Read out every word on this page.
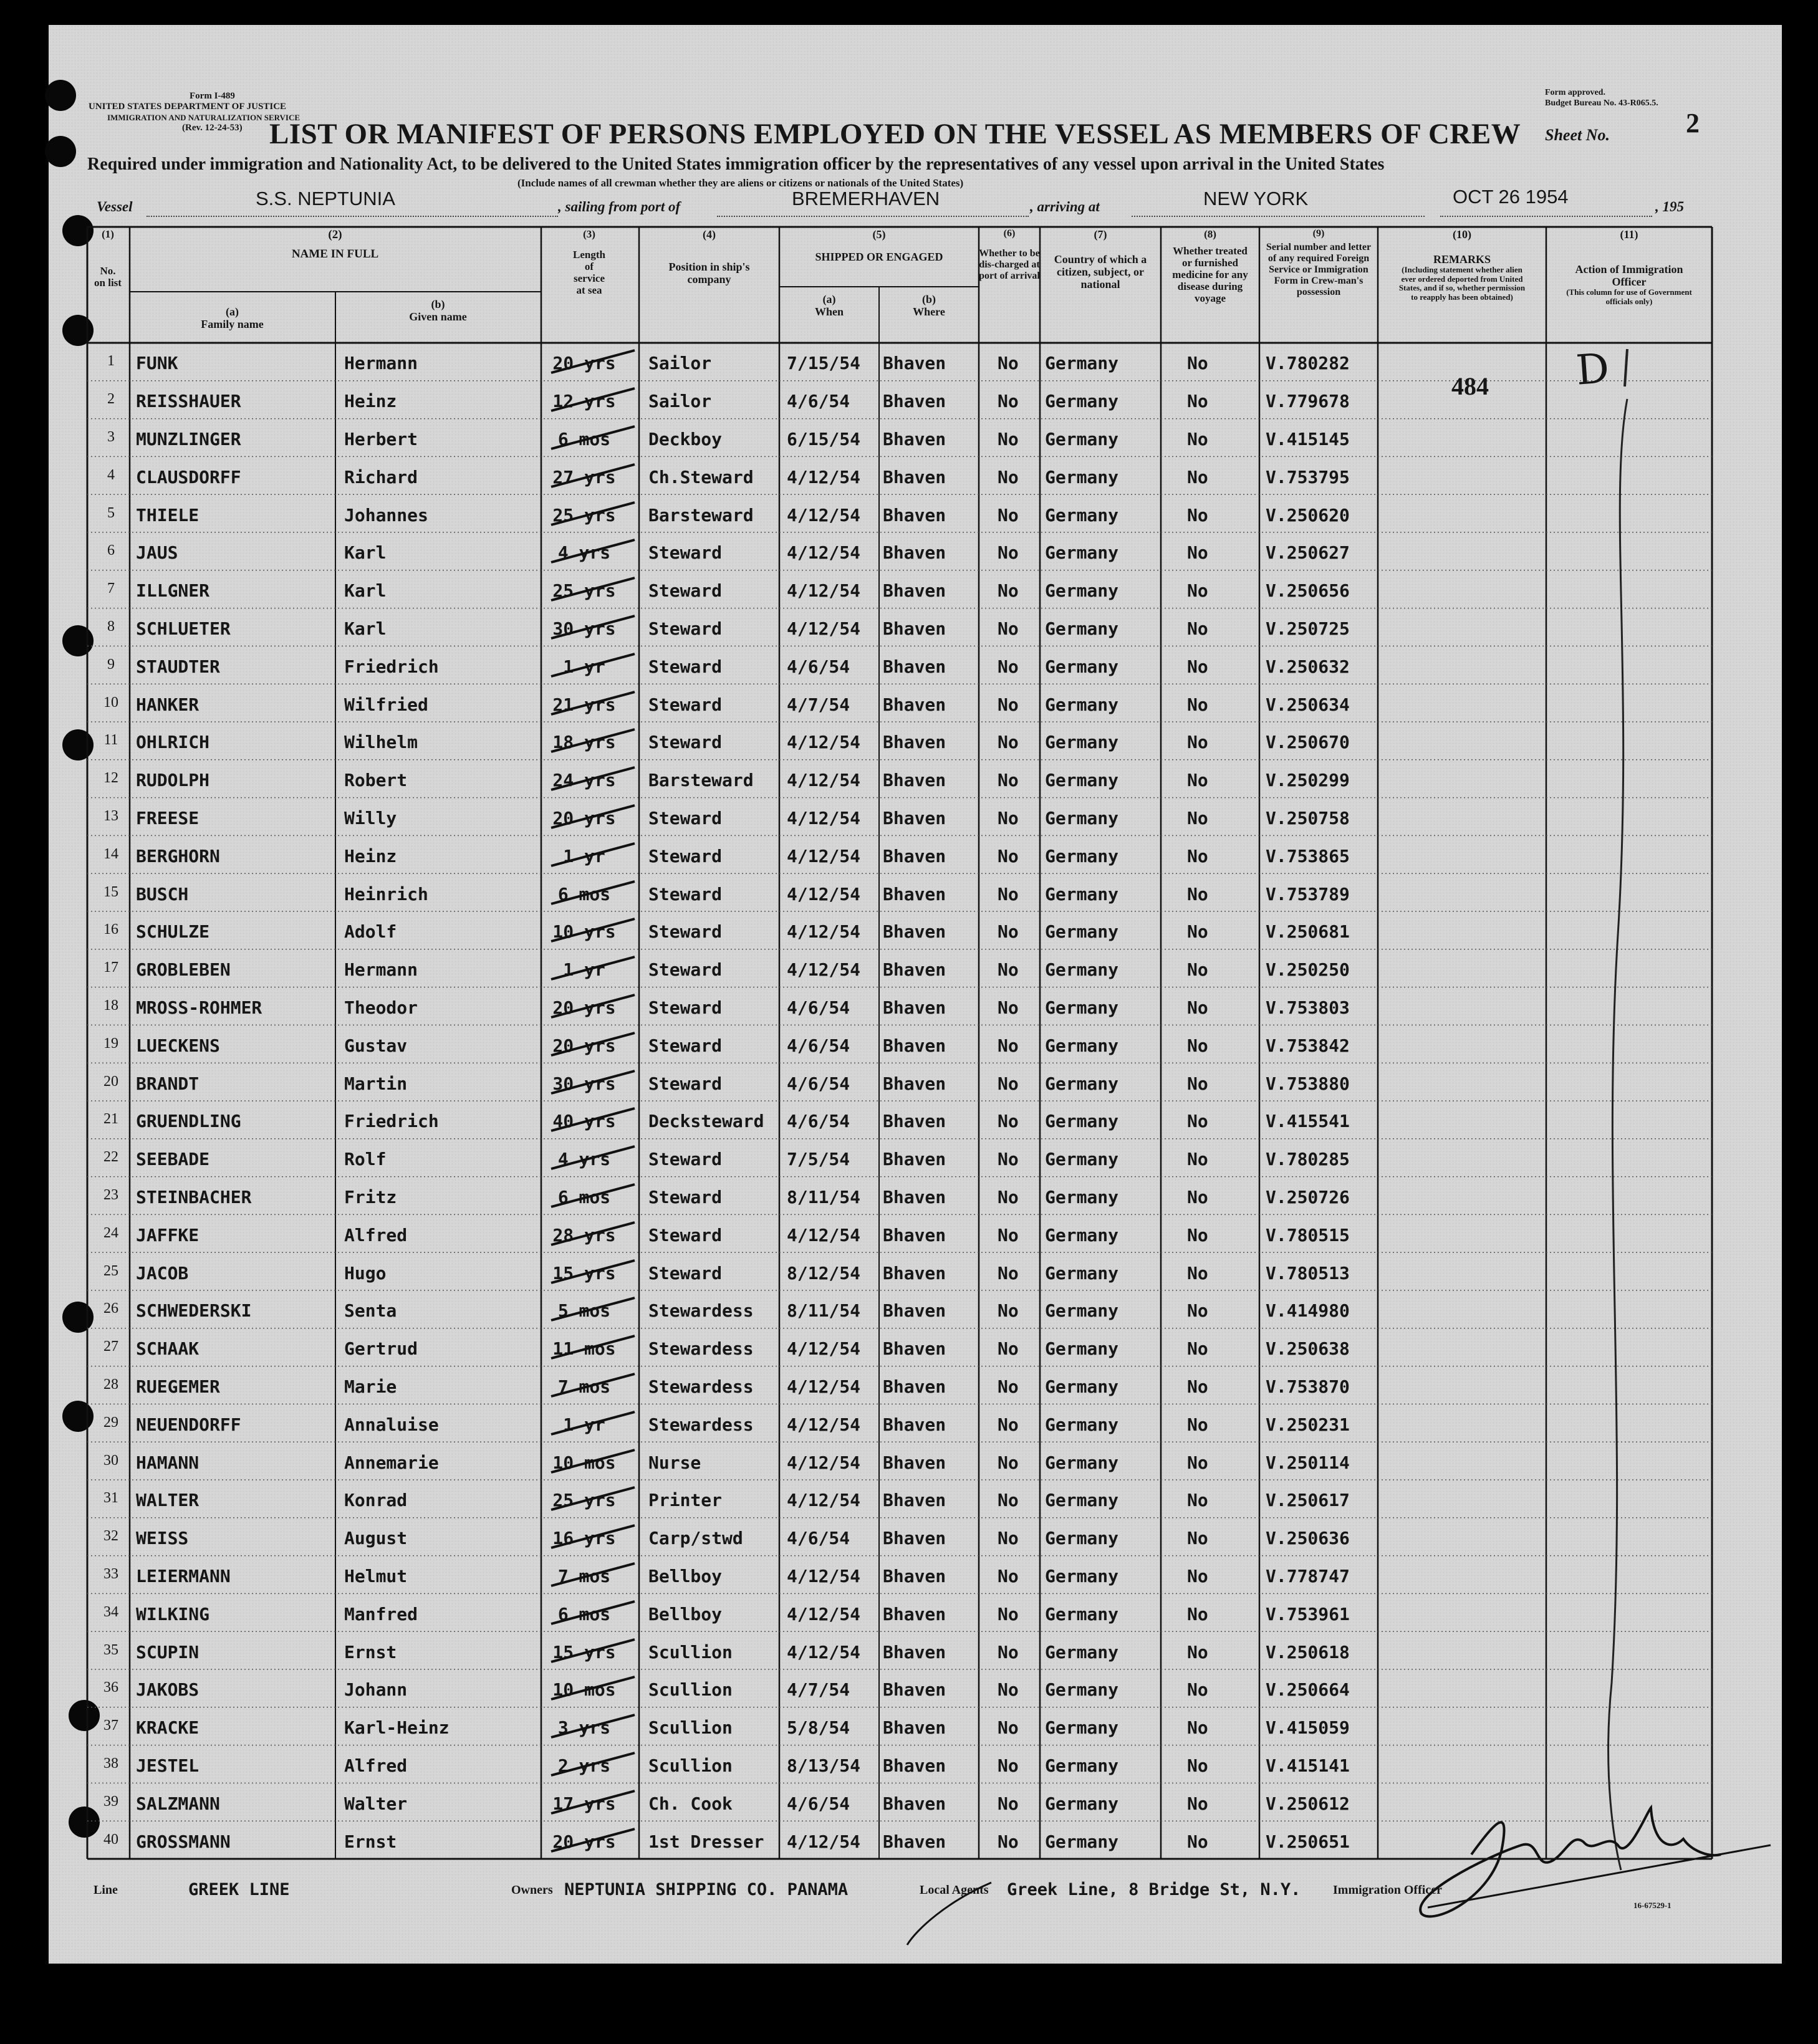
Form I-489
UNITED STATES DEPARTMENT OF JUSTICE
IMMIGRATION AND NATURALIZATION SERVICE
(Rev. 12-24-53)
Form approved.
Budget Bureau No. 43-R065.5.
Sheet No.	2
LIST OR MANIFEST OF PERSONS EMPLOYED ON THE VESSEL AS MEMBERS OF CREW
Required under immigration and Nationality Act, to be delivered to the United States immigration officer by the representatives of any vessel upon arrival in the United States
(Include names of all crewman whether they are aliens or citizens or nationals of the United States)
Vessel	S.S. NEPTUNIA	, sailing from port of	BREMERHAVEN	, arriving at	NEW YORK	OCT 26 1954	, 195
(1)
No. on list
(2)
NAME IN FULL
(a)
Family name
(b)
Given name
(3)
Length of service at sea
(4)
Position in ship's company
(5)
SHIPPED OR ENGAGED
(a)
When
(b)
Where
(6)
Whether to be dis-charged at port of arrival
(7)
Country of which a citizen, subject, or national
(8)
Whether treated or furnished medicine for any disease during voyage
(9)
Serial number and letter of any required Foreign Service or Immigration Form in Crew-man's possession
(10)
REMARKS
(Including statement whether alien ever ordered deported from United States, and if so, whether permission to reapply has been obtained)
(11)
Action of Immigration Officer
(This column for use of Government officials only)
1	FUNK	Hermann	20 yrs	Sailor	7/15/54 Bhaven	No Germany	No	V.780282
2	REISSHAUER	Heinz	12 yrs	Sailor	4/6/54 Bhaven	No Germany	No	V.779678
3	MUNZLINGER	Herbert	6 mos	Deckboy	6/15/54 Bhaven	No Germany	No	V.415145
4	CLAUSDORFF	Richard	27 yrs	Ch.Steward 4/12/54 Bhaven	No Germany	No	V.753795
5	THIELE	Johannes	25 yrs	Barsteward 4/12/54 Bhaven	No Germany	No	V.250620
6	JAUS	Karl	4 yrs	Steward	4/12/54 Bhaven	No Germany	No	V.250627
7	ILLGNER	Karl	25 yrs	Steward	4/12/54 Bhaven	No Germany	No	V.250656
8	SCHLUETER	Karl	30 yrs	Steward	4/12/54 Bhaven	No Germany	No	V.250725
9	STAUDTER	Friedrich	1 yr	Steward	4/6/54 Bhaven	No Germany	No	V.250632
10	HANKER	Wilfried	21 yrs	Steward	4/7/54 Bhaven	No Germany	No	V.250634
11	OHLRICH	Wilhelm	18 yrs	Steward	4/12/54 Bhaven	No Germany	No	V.250670
12	RUDOLPH	Robert	24 yrs	Barsteward 4/12/54 Bhaven	No Germany	No	V.250299
13	FREESE	Willy	20 yrs	Steward	4/12/54 Bhaven	No Germany	No	V.250758
14	BERGHORN	Heinz	1 yr	Steward	4/12/54 Bhaven	No Germany	No	V.753865
15	BUSCH	Heinrich	6 mos	Steward	4/12/54 Bhaven	No Germany	No	V.753789
16	SCHULZE	Adolf	10 yrs	Steward	4/12/54 Bhaven	No Germany	No	V.250681
17	GROBLEBEN	Hermann	1 yr	Steward	4/12/54 Bhaven	No Germany	No	V.250250
18	MROSS-ROHMER	Theodor	20 yrs	Steward	4/6/54 Bhaven	No Germany	No	V.753803
19	LUECKENS	Gustav	20 yrs	Steward	4/6/54 Bhaven	No Germany	No	V.753842
20	BRANDT	Martin	30 yrs	Steward	4/6/54 Bhaven	No Germany	No	V.753880
21	GRUENDLING	Friedrich	40 yrs	Decksteward 4/6/54 Bhaven	No Germany	No	V.415541
22	SEEBADE	Rolf	4 yrs	Steward	7/5/54 Bhaven	No Germany	No	V.780285
23	STEINBACHER	Fritz	6 mos	Steward	8/11/54 Bhaven	No Germany	No	V.250726
24	JAFFKE	Alfred	28 yrs	Steward	4/12/54 Bhaven	No Germany	No	V.780515
25	JACOB	Hugo	15 yrs	Steward	8/12/54 Bhaven	No Germany	No	V.780513
26	SCHWEDERSKI	Senta	5 mos	Stewardess 8/11/54 Bhaven	No Germany	No	V.414980
27	SCHAAK	Gertrud	11 mos	Stewardess 4/12/54 Bhaven	No Germany	No	V.250638
28	RUEGEMER	Marie	7 mos	Stewardess 4/12/54 Bhaven	No Germany	No	V.753870
29	NEUENDORFF	Annaluise	1 yr	Stewardess 4/12/54 Bhaven	No Germany	No	V.250231
30	HAMANN	Annemarie	10 mos	Nurse	4/12/54 Bhaven	No Germany	No	V.250114
31	WALTER	Konrad	25 yrs	Printer	4/12/54 Bhaven	No Germany	No	V.250617
32	WEISS	August	16 yrs	Carp/stwd	4/6/54 Bhaven	No Germany	No	V.250636
33	LEIERMANN	Helmut	7 mos	Bellboy	4/12/54 Bhaven	No Germany	No	V.778747
34	WILKING	Manfred	6 mos	Bellboy	4/12/54 Bhaven	No Germany	No	V.753961
35	SCUPIN	Ernst	15 yrs	Scullion	4/12/54 Bhaven	No Germany	No	V.250618
36	JAKOBS	Johann	10 mos	Scullion	4/7/54 Bhaven	No Germany	No	V.250664
37	KRACKE	Karl-Heinz	3 yrs	Scullion	5/8/54 Bhaven	No Germany	No	V.415059
38	JESTEL	Alfred	2 yrs	Scullion	8/13/54 Bhaven	No Germany	No	V.415141
39	SALZMANN	Walter	17 yrs	Ch. Cook	4/6/54 Bhaven	No Germany	No	V.250612
40	GROSSMANN	Ernst	20 yrs	1st Dresser 4/12/54 Bhaven	No Germany	No	V.250651
484 D
Line	GREEK LINE	Owners NEPTUNIA SHIPPING CO. PANAMA	Local Agents Greek Line, 8 Bridge St, N.Y.	Immigration Officer
16-67529-1
